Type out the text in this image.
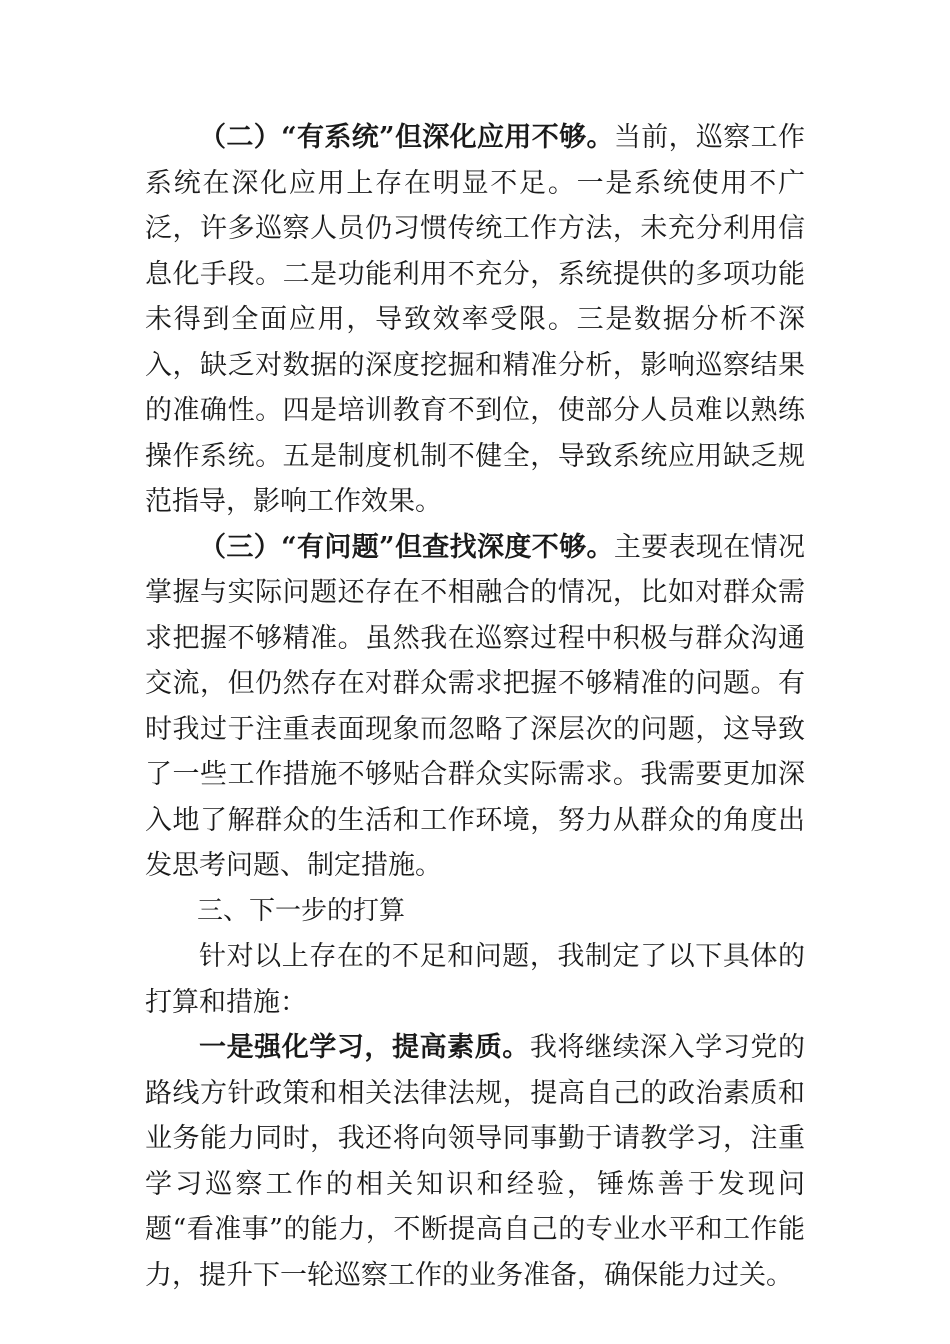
（二）“有系统”但深化应用不够。当前，巡察工作系统在深化应用上存在明显不足。一是系统使用不广泛，许多巡察人员仍习惯传统工作方法，未充分利用信息化手段。二是功能利用不充分，系统提供的多项功能未得到全面应用，导致效率受限。三是数据分析不深入，缺乏对数据的深度挖掘和精准分析，影响巡察结果的准确性。四是培训教育不到位，使部分人员难以熟练操作系统。五是制度机制不健全，导致系统应用缺乏规范指导，影响工作效果。

（三）“有问题”但查找深度不够。主要表现在情况掌握与实际问题还存在不相融合的情况，比如对群众需求把握不够精准。虽然我在巡察过程中积极与群众沟通交流，但仍然存在对群众需求把握不够精准的问题。有时我过于注重表面现象而忽略了深层次的问题，这导致了一些工作措施不够贴合群众实际需求。我需要更加深入地了解群众的生活和工作环境，努力从群众的角度出发思考问题、制定措施。

三、下一步的打算

针对以上存在的不足和问题，我制定了以下具体的打算和措施：

一是强化学习，提高素质。我将继续深入学习党的路线方针政策和相关法律法规，提高自己的政治素质和业务能力同时，我还将向领导同事勤于请教学习，注重学习巡察工作的相关知识和经验，锤炼善于发现问题“看准事”的能力，不断提高自己的专业水平和工作能力，提升下一轮巡察工作的业务准备，确保能力过关。
